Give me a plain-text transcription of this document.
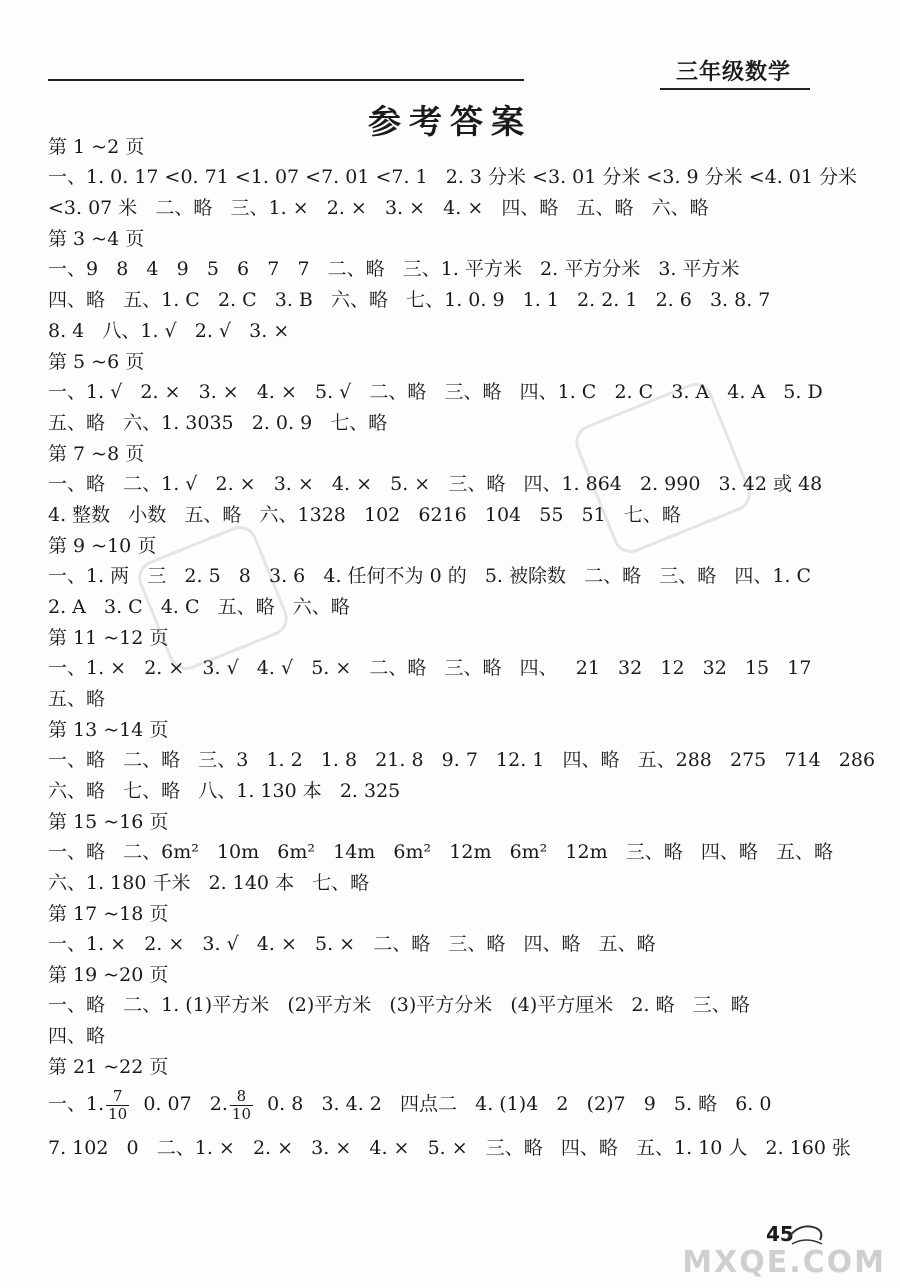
三年级数学
参考答案
第 1 ~2 页
一、1. 0. 17 <0. 71 <1. 07 <7. 01 <7. 1   2. 3 分米 <3. 01 分米 <3. 9 分米 <4. 01 分米
<3. 07 米   二、略   三、1. ×   2. ×   3. ×   4. ×   四、略   五、略   六、略
第 3 ~4 页
一、9   8   4   9   5   6   7   7   二、略   三、1. 平方米   2. 平方分米   3. 平方米
四、略   五、1. C   2. C   3. B   六、略   七、1. 0. 9   1. 1   2. 2. 1   2. 6   3. 8. 7
8. 4   八、1. √   2. √   3. ×
第 5 ~6 页
一、1. √   2. ×   3. ×   4. ×   5. √   二、略   三、略   四、1. C   2. C   3. A   4. A   5. D
五、略   六、1. 3035   2. 0. 9   七、略
第 7 ~8 页
一、略   二、1. √   2. ×   3. ×   4. ×   5. ×   三、略   四、1. 864   2. 990   3. 42 或 48
4. 整数   小数   五、略   六、1328   102   6216   104   55   51   七、略
第 9 ~10 页
一、1. 两   三   2. 5   8   3. 6   4. 任何不为 0 的   5. 被除数   二、略   三、略   四、1. C
2. A   3. C   4. C   五、略   六、略
第 11 ~12 页
一、1. ×   2. ×   3. √   4. √   5. ×   二、略   三、略   四、   21   32   12   32   15   17
五、略
第 13 ~14 页
一、略   二、略   三、3   1. 2   1. 8   21. 8   9. 7   12. 1   四、略   五、288   275   714   286
六、略   七、略   八、1. 130 本   2. 325
第 15 ~16 页
一、略   二、6m²   10m   6m²   14m   6m²   12m   6m²   12m   三、略   四、略   五、略
六、1. 180 千米   2. 140 本   七、略
第 17 ~18 页
一、1. ×   2. ×   3. √   4. ×   5. ×   二、略   三、略   四、略   五、略
第 19 ~20 页
一、略   二、1. (1)平方米   (2)平方米   (3)平方分米   (4)平方厘米   2. 略   三、略
四、略
第 21 ~22 页
一、1. $\frac{7}{10} 0$. 07   2. $\frac{8}{10} 0$. 8   3. 4. 2   四点二   4. (1)4   2   (2)7   9   5. 略   6. 0
7. 102   0   二、1. ×   2. ×   3. ×   4. ×   5. ×   三、略   四、略   五、1. 10 人   2. 160 张
45
MXQE.COM
